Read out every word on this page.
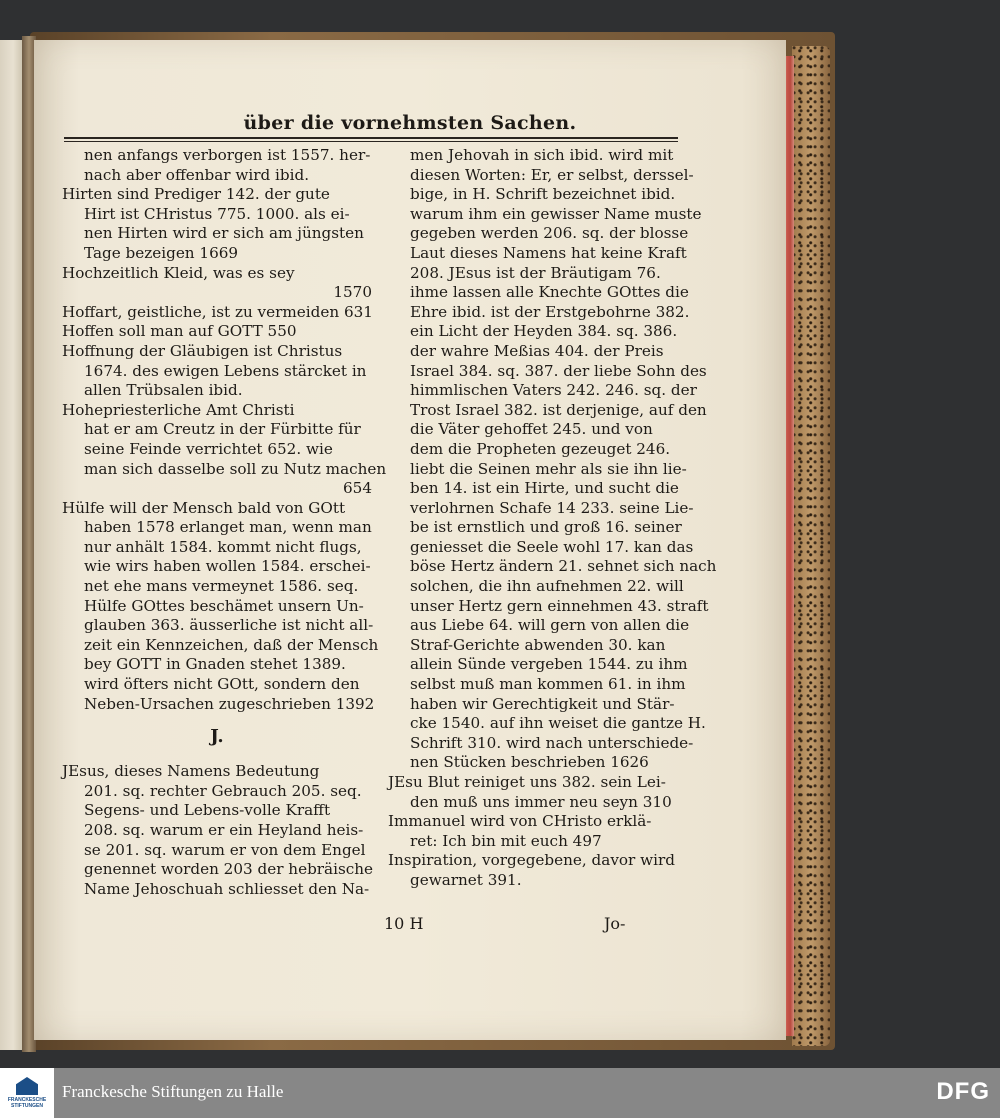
über die vornehmsten Sachen.
nen anfangs verborgen ist 1557. her-
nach aber offenbar wird ibid.
Hirten sind Prediger 142. der gute
Hirt ist CHristus 775. 1000. als ei-
nen Hirten wird er sich am jüngsten
Tage bezeigen 1669
Hochzeitlich Kleid, was es sey
1570
Hoffart, geistliche, ist zu vermeiden 631
Hoffen soll man auf GOTT 550
Hoffnung der Gläubigen ist Christus
1674. des ewigen Lebens stärcket in
allen Trübsalen ibid.
Hohepriesterliche Amt Christi
hat er am Creutz in der Fürbitte für
seine Feinde verrichtet 652. wie
man sich dasselbe soll zu Nutz machen
654
Hülfe will der Mensch bald von GOtt
haben 1578 erlanget man, wenn man
nur anhält 1584. kommt nicht flugs,
wie wirs haben wollen 1584. erschei-
net ehe mans vermeynet 1586. seq.
Hülfe GOttes beschämet unsern Un-
glauben 363. äusserliche ist nicht all-
zeit ein Kennzeichen, daß der Mensch
bey GOTT in Gnaden stehet 1389.
wird öfters nicht GOtt, sondern den
Neben-Ursachen zugeschrieben 1392
J.
JEsus, dieses Namens Bedeutung
201. sq. rechter Gebrauch 205. seq.
Segens- und Lebens-volle Krafft
208. sq. warum er ein Heyland heis-
se 201. sq. warum er von dem Engel
genennet worden 203 der hebräische
Name Jehoschuah schliesset den Na-
men Jehovah in sich ibid. wird mit
diesen Worten: Er, er selbst, derssel-
bige, in H. Schrift bezeichnet ibid.
warum ihm ein gewisser Name muste
gegeben werden 206. sq. der blosse
Laut dieses Namens hat keine Kraft
208. JEsus ist der Bräutigam 76.
ihme lassen alle Knechte GOttes die
Ehre ibid. ist der Erstgebohrne 382.
ein Licht der Heyden 384. sq. 386.
der wahre Meßias 404. der Preis
Israel 384. sq. 387. der liebe Sohn des
himmlischen Vaters 242. 246. sq. der
Trost Israel 382. ist derjenige, auf den
die Väter gehoffet 245. und von
dem die Propheten gezeuget 246.
liebt die Seinen mehr als sie ihn lie-
ben 14. ist ein Hirte, und sucht die
verlohrnen Schafe 14 233. seine Lie-
be ist ernstlich und groß 16. seiner
geniesset die Seele wohl 17. kan das
böse Hertz ändern 21. sehnet sich nach
solchen, die ihn aufnehmen 22. will
unser Hertz gern einnehmen 43. straft
aus Liebe 64. will gern von allen die
Straf-Gerichte abwenden 30. kan
allein Sünde vergeben 1544. zu ihm
selbst muß man kommen 61. in ihm
haben wir Gerechtigkeit und Stär-
cke 1540. auf ihn weiset die gantze H.
Schrift 310. wird nach unterschiede-
nen Stücken beschrieben 1626
JEsu Blut reiniget uns 382. sein Lei-
den muß uns immer neu seyn 310
Immanuel wird von CHristo erklä-
ret: Ich bin mit euch 497
Inspiration, vorgegebene, davor wird
gewarnet 391.
10 H	Jo-
FRANCKESCHE STIFTUNGEN
Franckesche Stiftungen zu Halle	DFG
